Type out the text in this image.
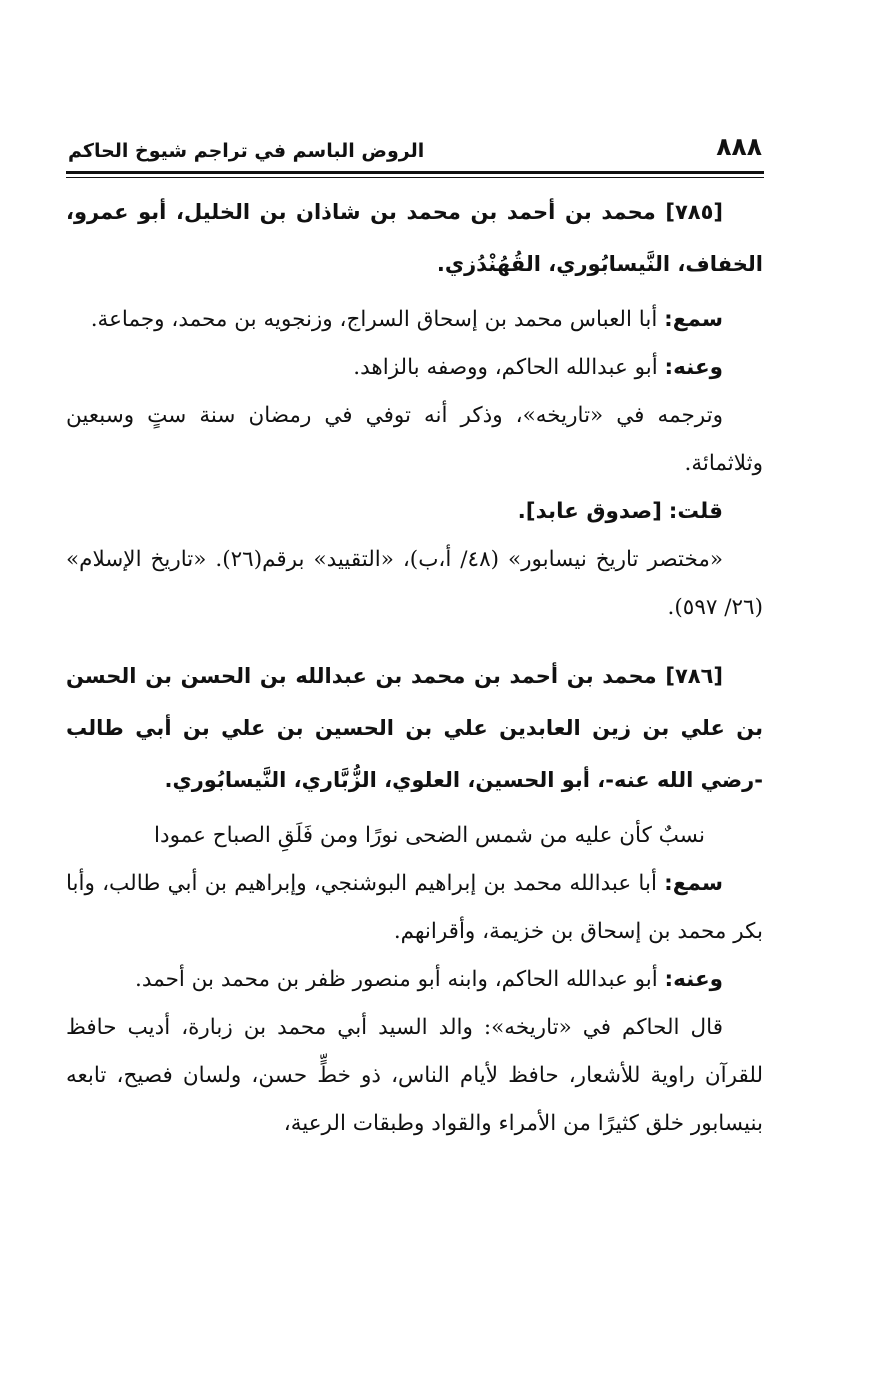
٨٨٨
الروض الباسم في تراجم شيوخ الحاكم

[٧٨٥] محمد بن أحمد بن محمد بن شاذان بن الخليل، أبو عمرو، الخفاف، النَّيسابُوري، القُهُنْدُزي.

سمع: أبا العباس محمد بن إسحاق السراج، وزنجويه بن محمد، وجماعة.

وعنه: أبو عبدالله الحاكم، ووصفه بالزاهد.

وترجمه في «تاريخه»، وذكر أنه توفي في رمضان سنة ستٍ وسبعين وثلاثمائة.

قلت: [صدوق عابد].

«مختصر تاريخ نيسابور» (٤٨/ أ،ب)، «التقييد» برقم(٢٦). «تاريخ الإسلام» (٢٦/ ٥٩٧).

[٧٨٦] محمد بن أحمد بن محمد بن عبدالله بن الحسن بن الحسن بن علي بن زين العابدين علي بن الحسين بن علي بن أبي طالب -رضي الله عنه-، أبو الحسين، العلوي، الزُّبَّاري، النَّيسابُوري.

نسبٌ كأن عليه من شمس الضحى نورًا ومن فَلَقِ الصباح عمودا

سمع: أبا عبدالله محمد بن إبراهيم البوشنجي، وإبراهيم بن أبي طالب، وأبا بكر محمد بن إسحاق بن خزيمة، وأقرانهم.

وعنه: أبو عبدالله الحاكم، وابنه أبو منصور ظفر بن محمد بن أحمد.

قال الحاكم في «تاريخه»: والد السيد أبي محمد بن زبارة، أديب حافظ للقرآن راوية للأشعار، حافظ لأيام الناس، ذو خطٍّ حسن، ولسان فصيح، تابعه بنيسابور خلق كثيرًا من الأمراء والقواد وطبقات الرعية،
